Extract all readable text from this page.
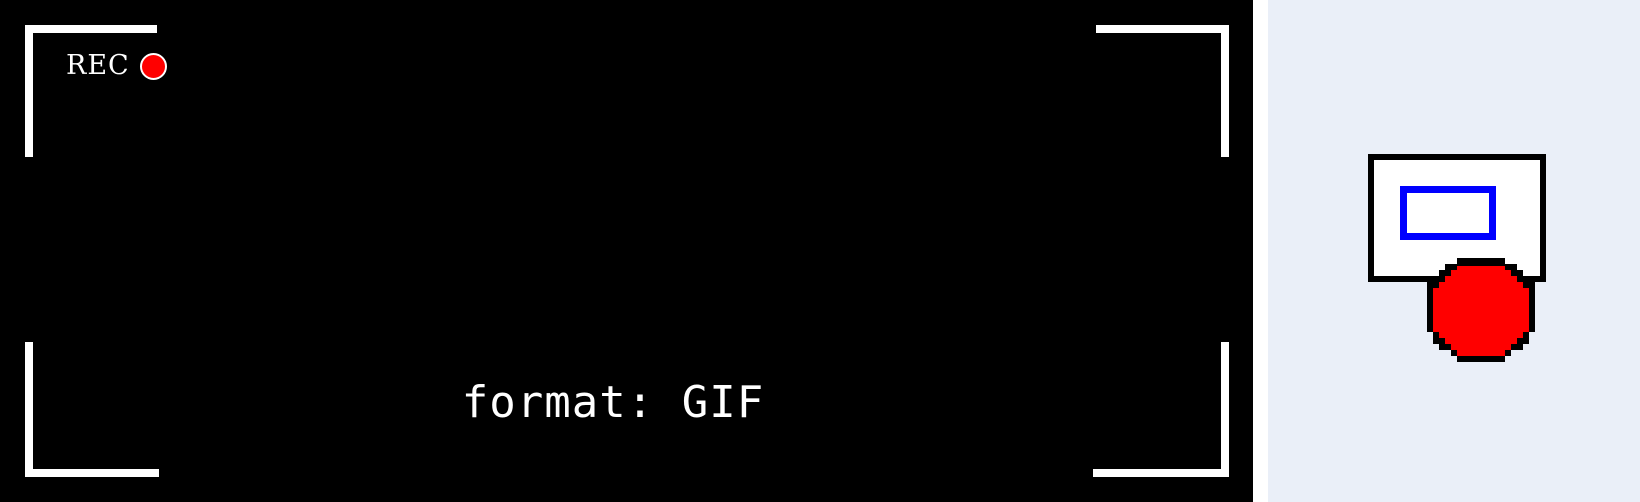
REC
format: GIF
